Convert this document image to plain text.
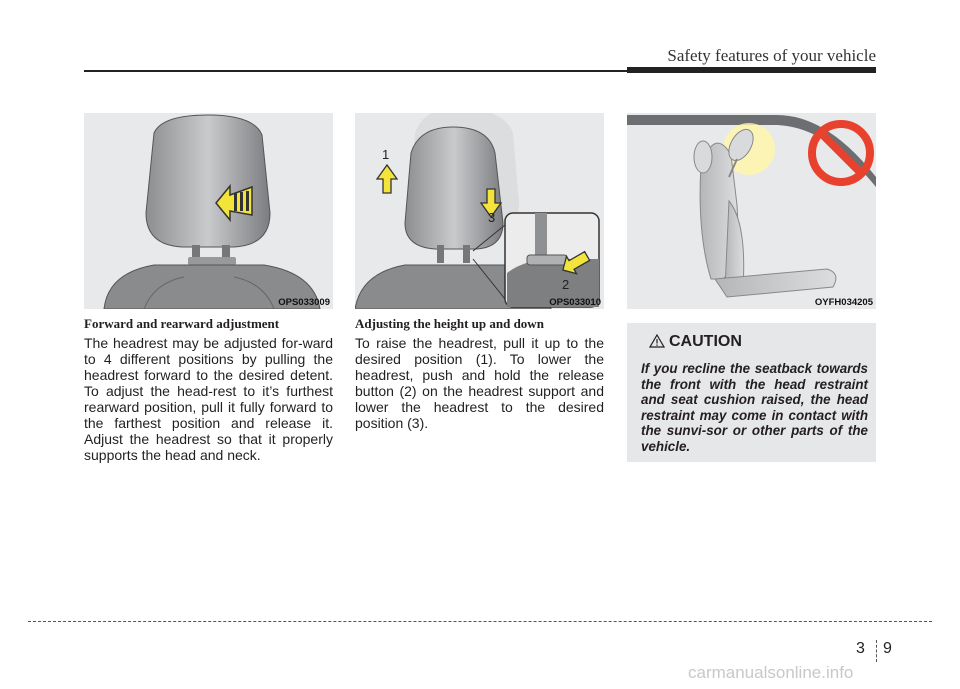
Safety features of your vehicle
OPS033009
1
3
2
OPS033010	OYFH034205
Forward and rearward adjustment

The headrest may be adjusted for-ward to 4 different positions by pulling the headrest forward to the desired detent. To adjust the head-rest to it’s furthest rearward position, pull it fully forward to the farthest position and release it. Adjust the headrest so that it properly supports the head and neck.

Adjusting the height up and down

To raise the headrest, pull it up to the desired position (1). To lower the headrest, push and hold the release button (2) on the headrest support and lower the headrest to the desired position (3).

CAUTION

If you recline the seatback towards the front with the head restraint and seat cushion raised, the head restraint may come in contact with the sunvi-sor or other parts of the vehicle.

3 9
carmanualsonline.info
